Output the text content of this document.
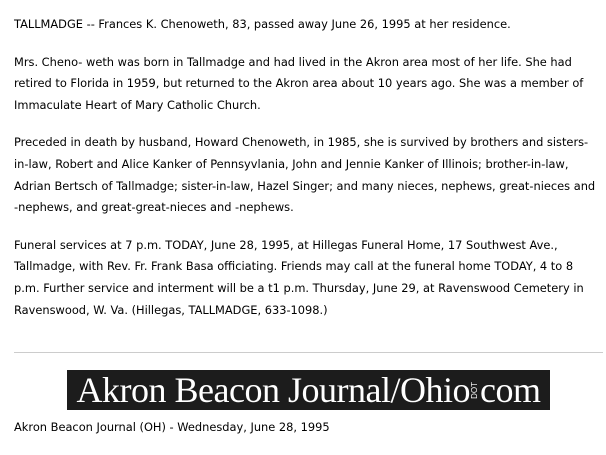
TALLMADGE -- Frances K. Chenoweth, 83, passed away June 26, 1995 at her residence.

Mrs. Cheno- weth was born in Tallmadge and had lived in the Akron area most of her life. She had retired to Florida in 1959, but returned to the Akron area about 10 years ago. She was a member of Immaculate Heart of Mary Catholic Church.

Preceded in death by husband, Howard Chenoweth, in 1985, she is survived by brothers and sisters-in-law, Robert and Alice Kanker of Pennsyvlania, John and Jennie Kanker of Illinois; brother-in-law, Adrian Bertsch of Tallmadge; sister-in-law, Hazel Singer; and many nieces, nephews, great-nieces and -nephews, and great-great-nieces and -nephews.

Funeral services at 7 p.m. TODAY, June 28, 1995, at Hillegas Funeral Home, 17 Southwest Ave., Tallmadge, with Rev. Fr. Frank Basa officiating. Friends may call at the funeral home TODAY, 4 to 8 p.m. Further service and interment will be a t1 p.m. Thursday, June 29, at Ravenswood Cemetery in Ravenswood, W. Va. (Hillegas, TALLMADGE, 633-1098.)

Akron Beacon Journal/Ohio DOT com
Akron Beacon Journal (OH) - Wednesday, June 28, 1995
